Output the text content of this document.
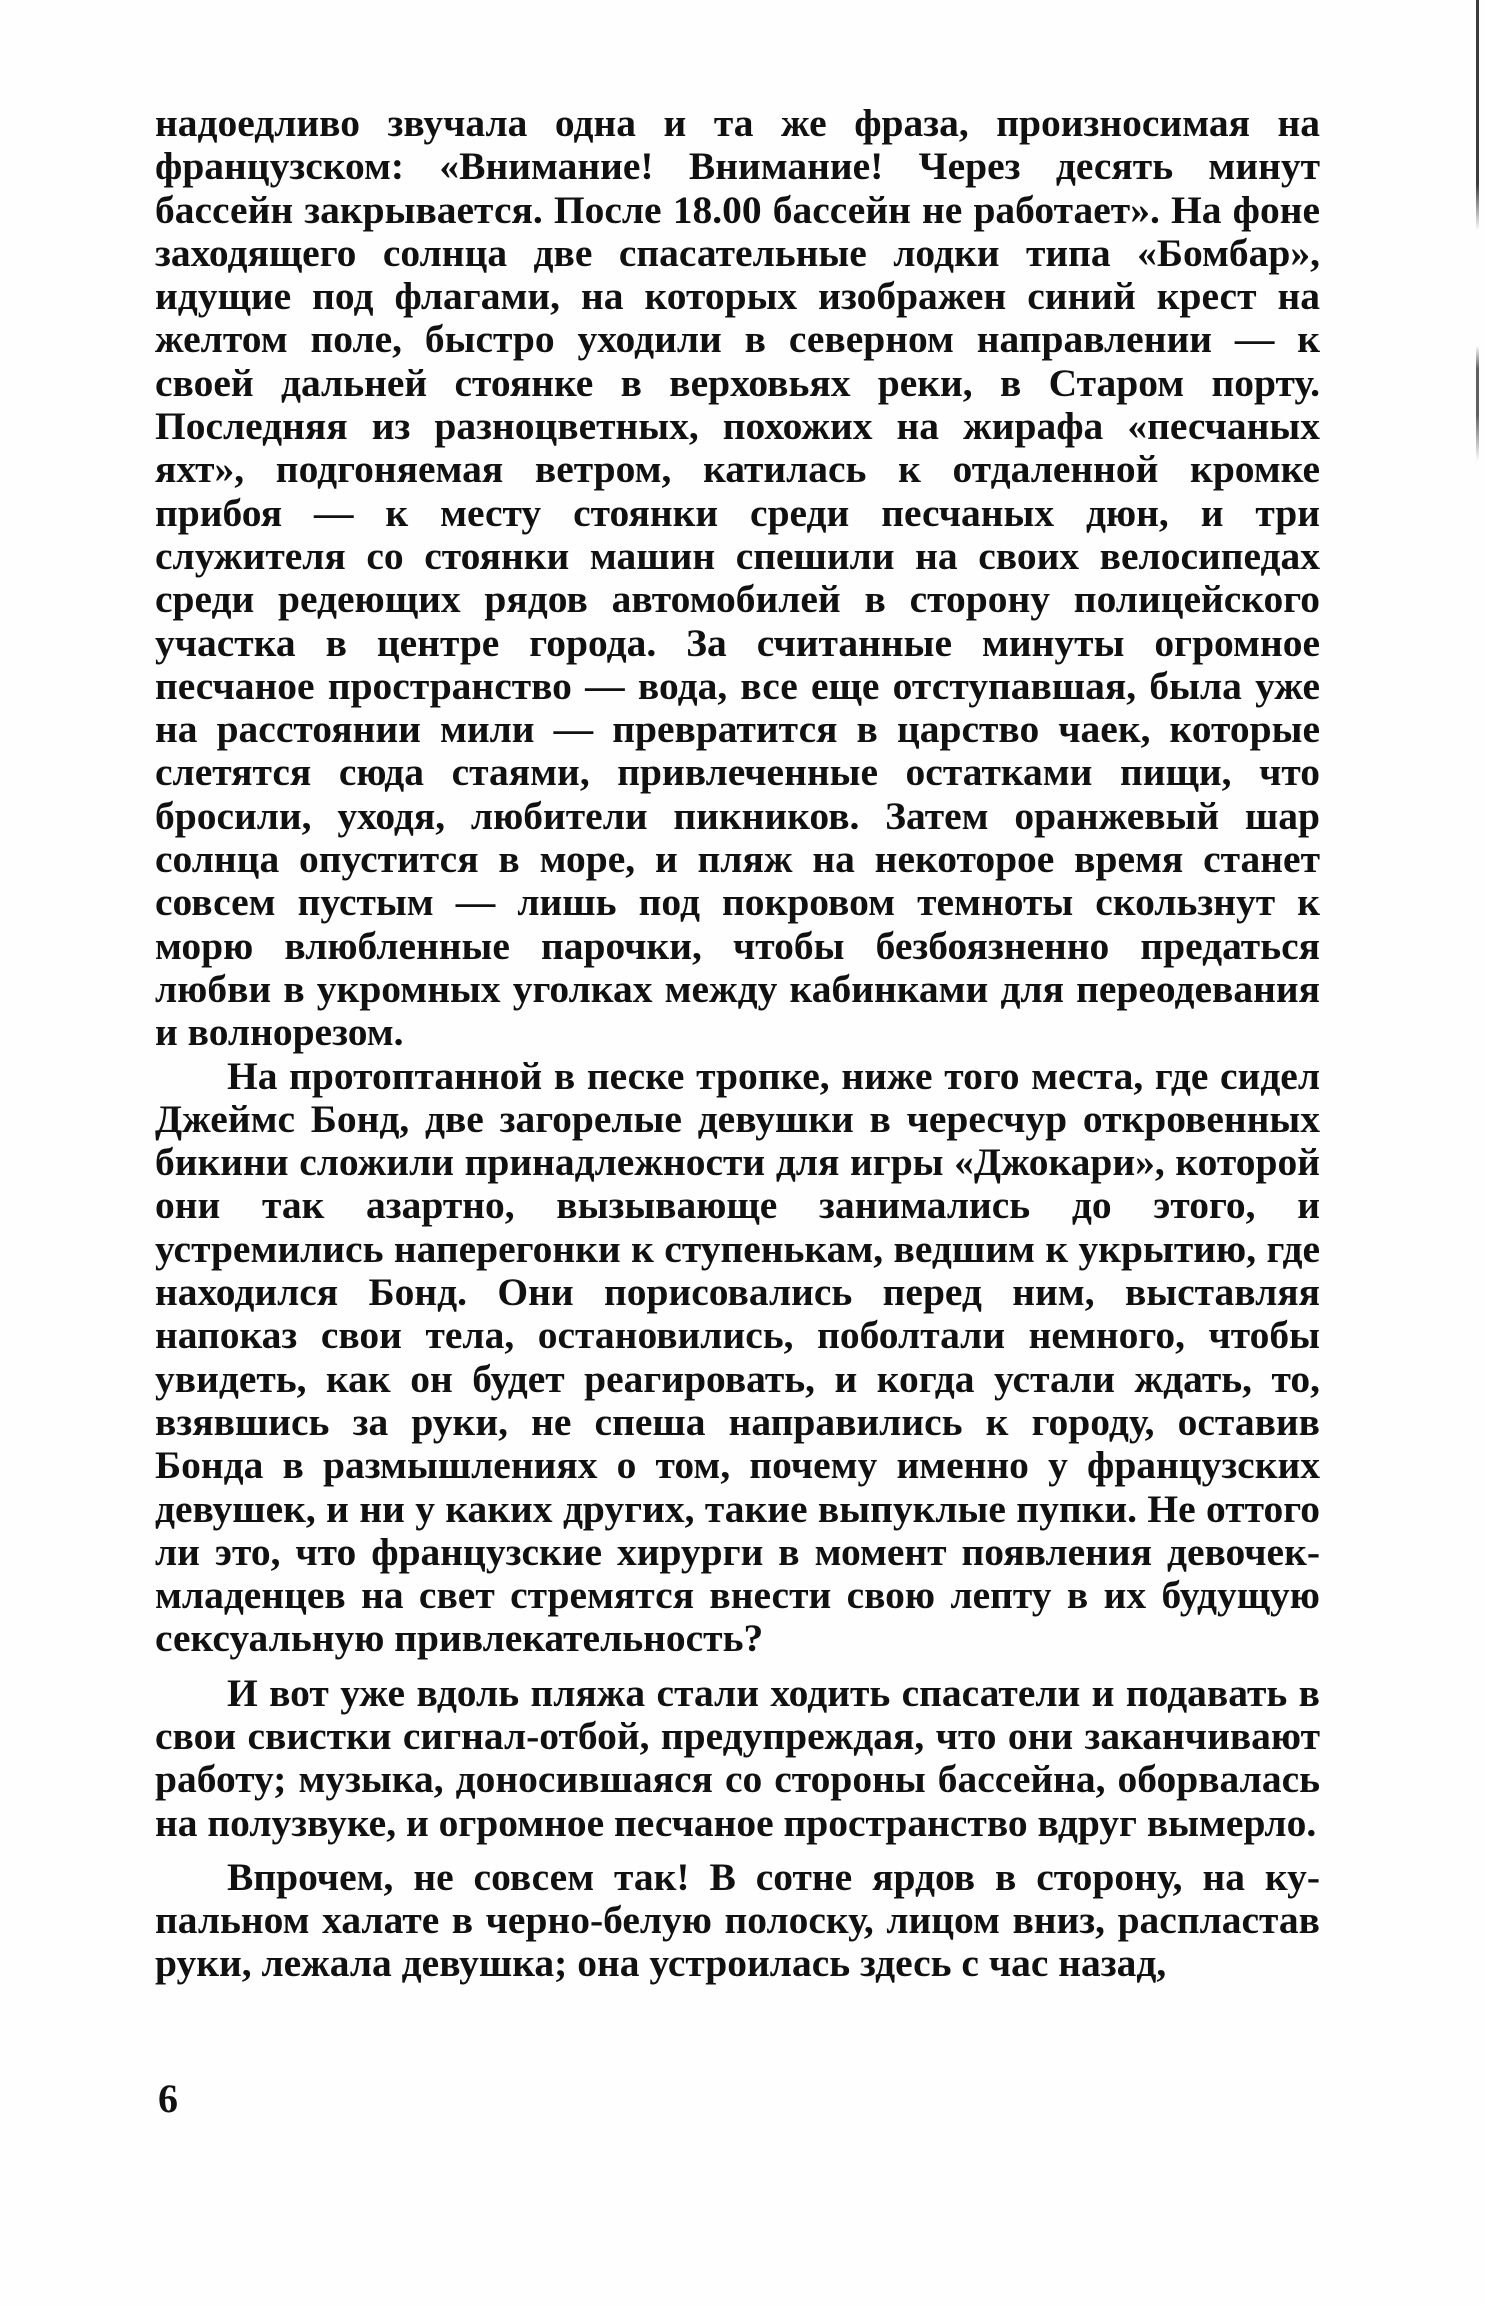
надоедливо звучала одна и та же фраза, произносимая на французском: «Внимание! Внимание! Через десять минут бассейн закрывается. После 18.00 бассейн не работает». На фоне заходящего солнца две спасательные лодки типа «Бомбар», идущие под флагами, на которых изображен синий крест на желтом поле, быстро уходили в северном направлении — к своей дальней стоянке в верховьях реки, в Старом порту. Последняя из разноцветных, похожих на жирафа «песчаных яхт», подгоняемая ветром, катилась к отдаленной кромке прибоя — к месту стоянки среди песчаных дюн, и три служителя со стоянки машин спешили на своих велосипедах среди редеющих рядов автомобилей в сторону полицейского участка в центре города. За считанные минуты огромное песчаное пространство — вода, все еще отступавшая, была уже на расстоянии мили — превратится в царство чаек, которые слетятся сюда стаями, привлеченные остатками пищи, что бросили, уходя, любители пикников. Затем оранжевый шар солнца опустится в море, и пляж на некоторое время станет совсем пустым — лишь под покровом темноты скользнут к морю влюбленные парочки, чтобы безбоязненно предаться любви в укромных уголках между кабинками для переодевания и волнорезом.

На протоптанной в песке тропке, ниже того места, где сидел Джеймс Бонд, две загорелые девушки в чересчур откровенных бикини сложили принадлежности для игры «Джокари», которой они так азартно, вызывающе занимались до этого, и устремились наперегонки к ступенькам, ведшим к укрытию, где находился Бонд. Они порисовались перед ним, выставляя напоказ свои тела, остановились, поболтали немного, чтобы увидеть, как он будет реагировать, и когда устали ждать, то, взявшись за руки, не спеша направились к городу, оставив Бонда в размышлениях о том, почему именно у французских девушек, и ни у каких других, такие выпуклые пупки. Не оттого ли это, что французские хирурги в момент появления девочек-младенцев на свет стремятся внести свою лепту в их будущую сексуальную привлекательность?

И вот уже вдоль пляжа стали ходить спасатели и подавать в свои свистки сигнал-отбой, предупреждая, что они заканчивают работу; музыка, доносившаяся со стороны бассейна, оборвалась на полузвуке, и огромное песчаное пространство вдруг вымерло.

Впрочем, не совсем так! В сотне ярдов в сторону, на купальном халате в черно-белую полоску, лицом вниз, распластав руки, лежала девушка; она устроилась здесь с час назад,

6
